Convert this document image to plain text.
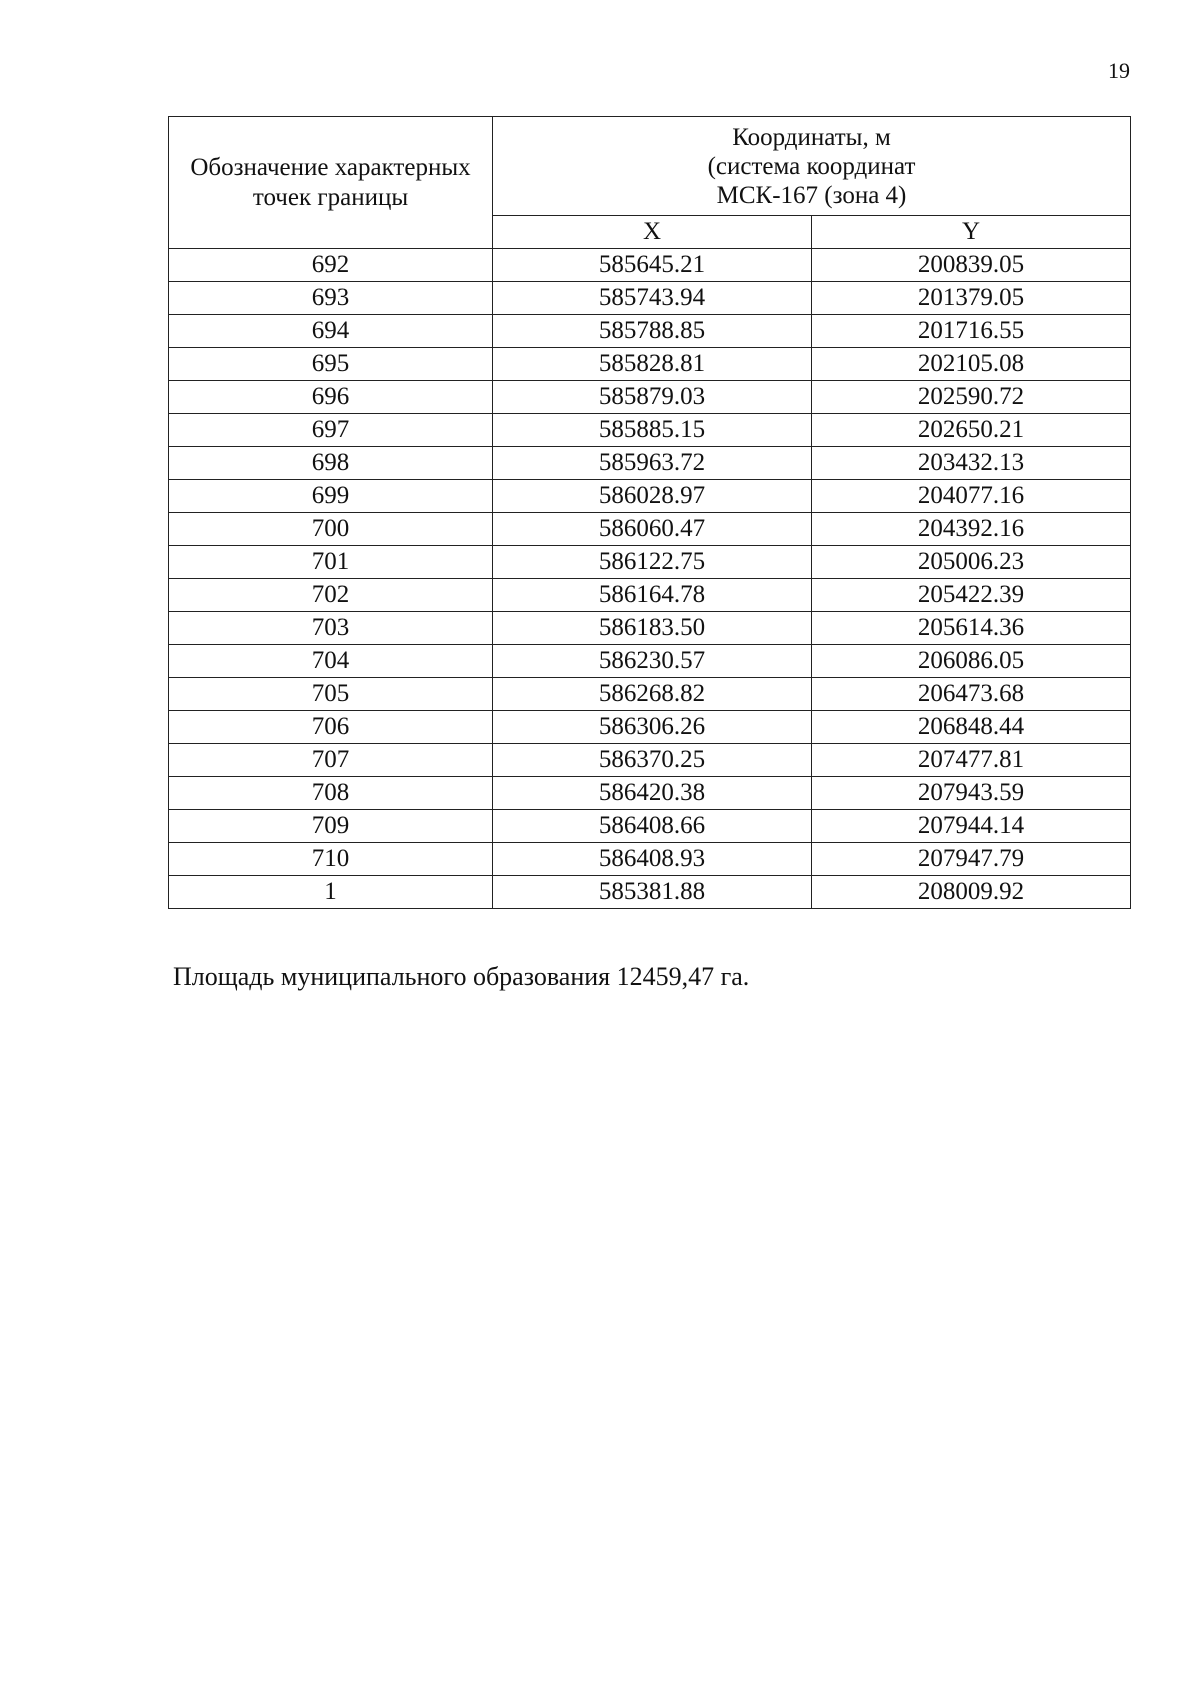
19
Обозначение характерных точек границы	Координаты, м
(система координат
МСК-167 (зона 4)	

	X	Y
692	585645.21	200839.05
693	585743.94	201379.05
694	585788.85	201716.55
695	585828.81	202105.08
696	585879.03	202590.72
697	585885.15	202650.21
698	585963.72	203432.13
699	586028.97	204077.16
700	586060.47	204392.16
701	586122.75	205006.23
702	586164.78	205422.39
703	586183.50	205614.36
704	586230.57	206086.05
705	586268.82	206473.68
706	586306.26	206848.44
707	586370.25	207477.81
708	586420.38	207943.59
709	586408.66	207944.14
710	586408.93	207947.79
1	585381.88	208009.92
Площадь муниципального образования 12459,47 га.
